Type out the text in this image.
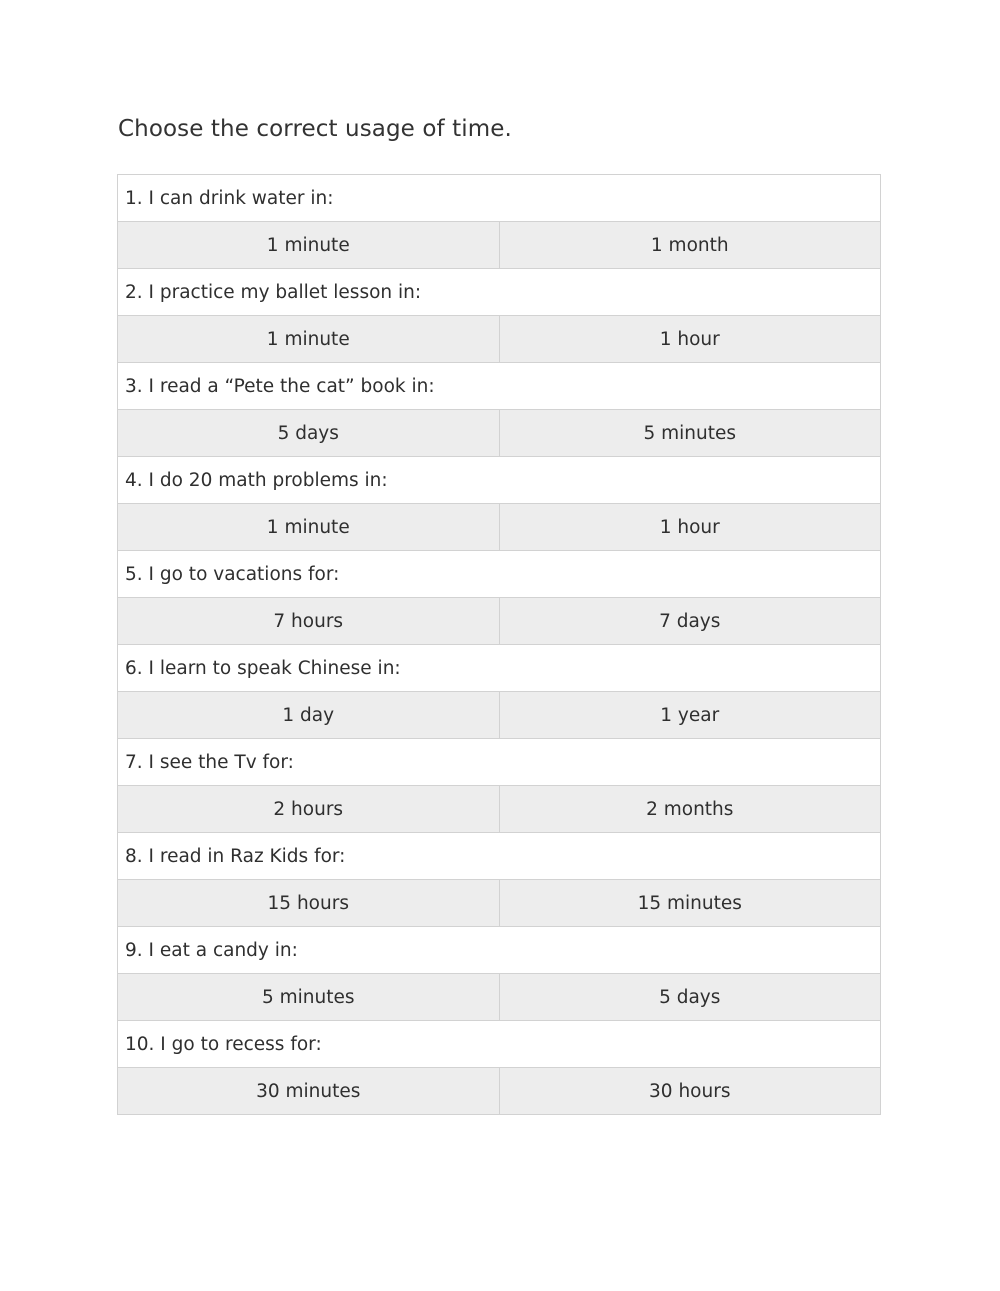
Choose the correct usage of time.
1. I can drink water in:
1 minute	1 month
2. I practice my ballet lesson in:
1 minute	1 hour
3. I read a “Pete the cat” book in:
5 days	5 minutes
4. I do 20 math problems in:
1 minute	1 hour
5. I go to vacations for:
7 hours	7 days
6. I learn to speak Chinese in:
1 day	1 year
7. I see the Tv for:
2 hours	2 months
8. I read in Raz Kids for:
15 hours	15 minutes
9. I eat a candy in:
5 minutes	5 days
10. I go to recess for:
30 minutes	30 hours
